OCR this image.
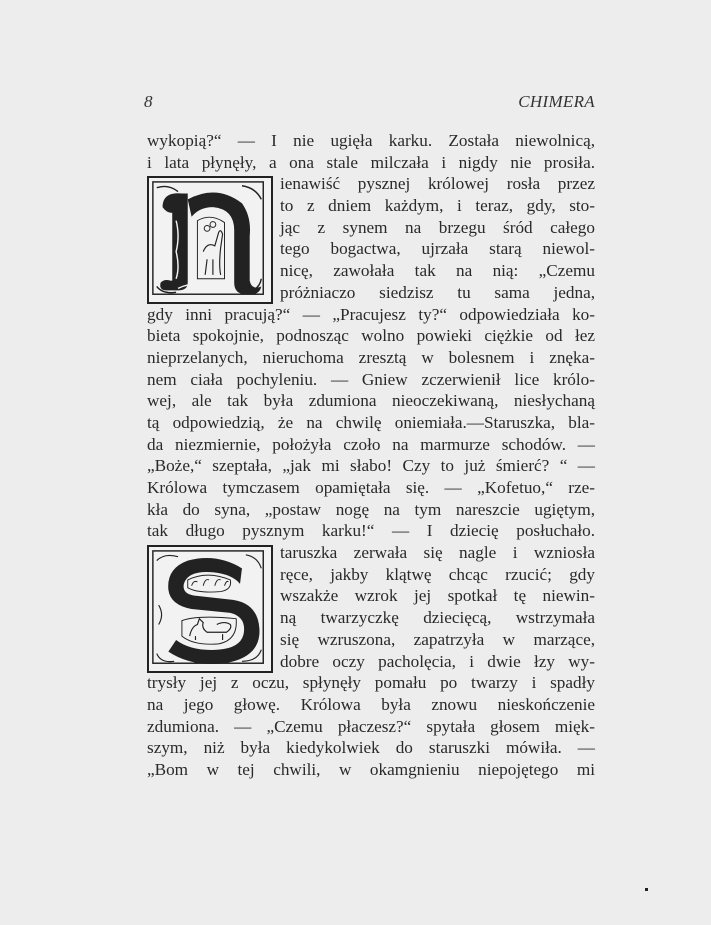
8	CHIMERA
wykopią?“ — I nie ugięła karku. Została niewolnicą,
i lata płynęły, a ona stale milczała i nigdy nie prosiła.
ienawiść pysznej królowej rosła przez
to z dniem każdym, i teraz, gdy, sto-
jąc z synem na brzegu śród całego
tego bogactwa, ujrzała starą niewol-
nicę, zawołała tak na nią: „Czemu
próżniaczo siedzisz tu sama jedna,
gdy inni pracują?“ — „Pracujesz ty?“ odpowiedziała ko-
bieta spokojnie, podnosząc wolno powieki ciężkie od łez
nieprzelanych, nieruchoma zresztą w bolesnem i znęka-
nem ciała pochyleniu. — Gniew zczerwienił lice królo-
wej, ale tak była zdumiona nieoczekiwaną, niesłychaną
tą odpowiedzią, że na chwilę oniemiała.—Staruszka, bla-
da niezmiernie, położyła czoło na marmurze schodów. —
„Boże,“ szeptała, „jak mi słabo! Czy to już śmierć? “ —
Królowa tymczasem opamiętała się. — „Kofetuo,“ rze-
kła do syna, „postaw nogę na tym nareszcie ugiętym,
tak długo pysznym karku!“ — I dziecię posłuchało.
taruszka zerwała się nagle i wzniosła
ręce, jakby klątwę chcąc rzucić; gdy
wszakże wzrok jej spotkał tę niewin-
ną twarzyczkę dziecięcą, wstrzymała
się wzruszona, zapatrzyła w marzące,
dobre oczy pacholęcia, i dwie łzy wy-
trysły jej z oczu, spłynęły pomału po twarzy i spadły
na jego głowę. Królowa była znowu nieskończenie
zdumiona. — „Czemu płaczesz?“ spytała głosem mięk-
szym, niż była kiedykolwiek do staruszki mówiła. —
„Bom w tej chwili, w okamgnieniu niepojętego mi
